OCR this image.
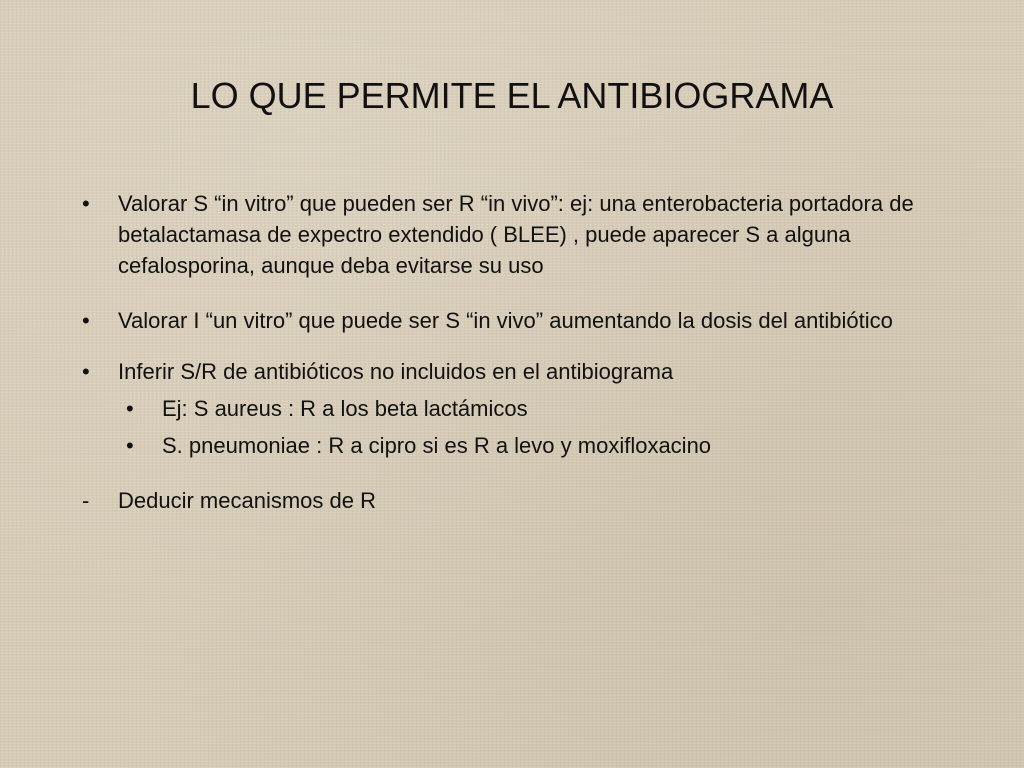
LO QUE PERMITE EL ANTIBIOGRAMA
• Valorar S “in vitro” que pueden ser R “in vivo”: ej: una enterobacteria portadora de betalactamasa de expectro extendido ( BLEE) , puede aparecer S a alguna cefalosporina, aunque deba evitarse su uso
• Valorar I “un vitro” que puede ser S “in vivo” aumentando la dosis del antibiótico
• Inferir S/R de antibióticos no incluidos en el antibiograma
• Ej: S aureus : R a los beta lactámicos
• S. pneumoniae : R a cipro si es R a levo y moxifloxacino
- Deducir mecanismos de R
